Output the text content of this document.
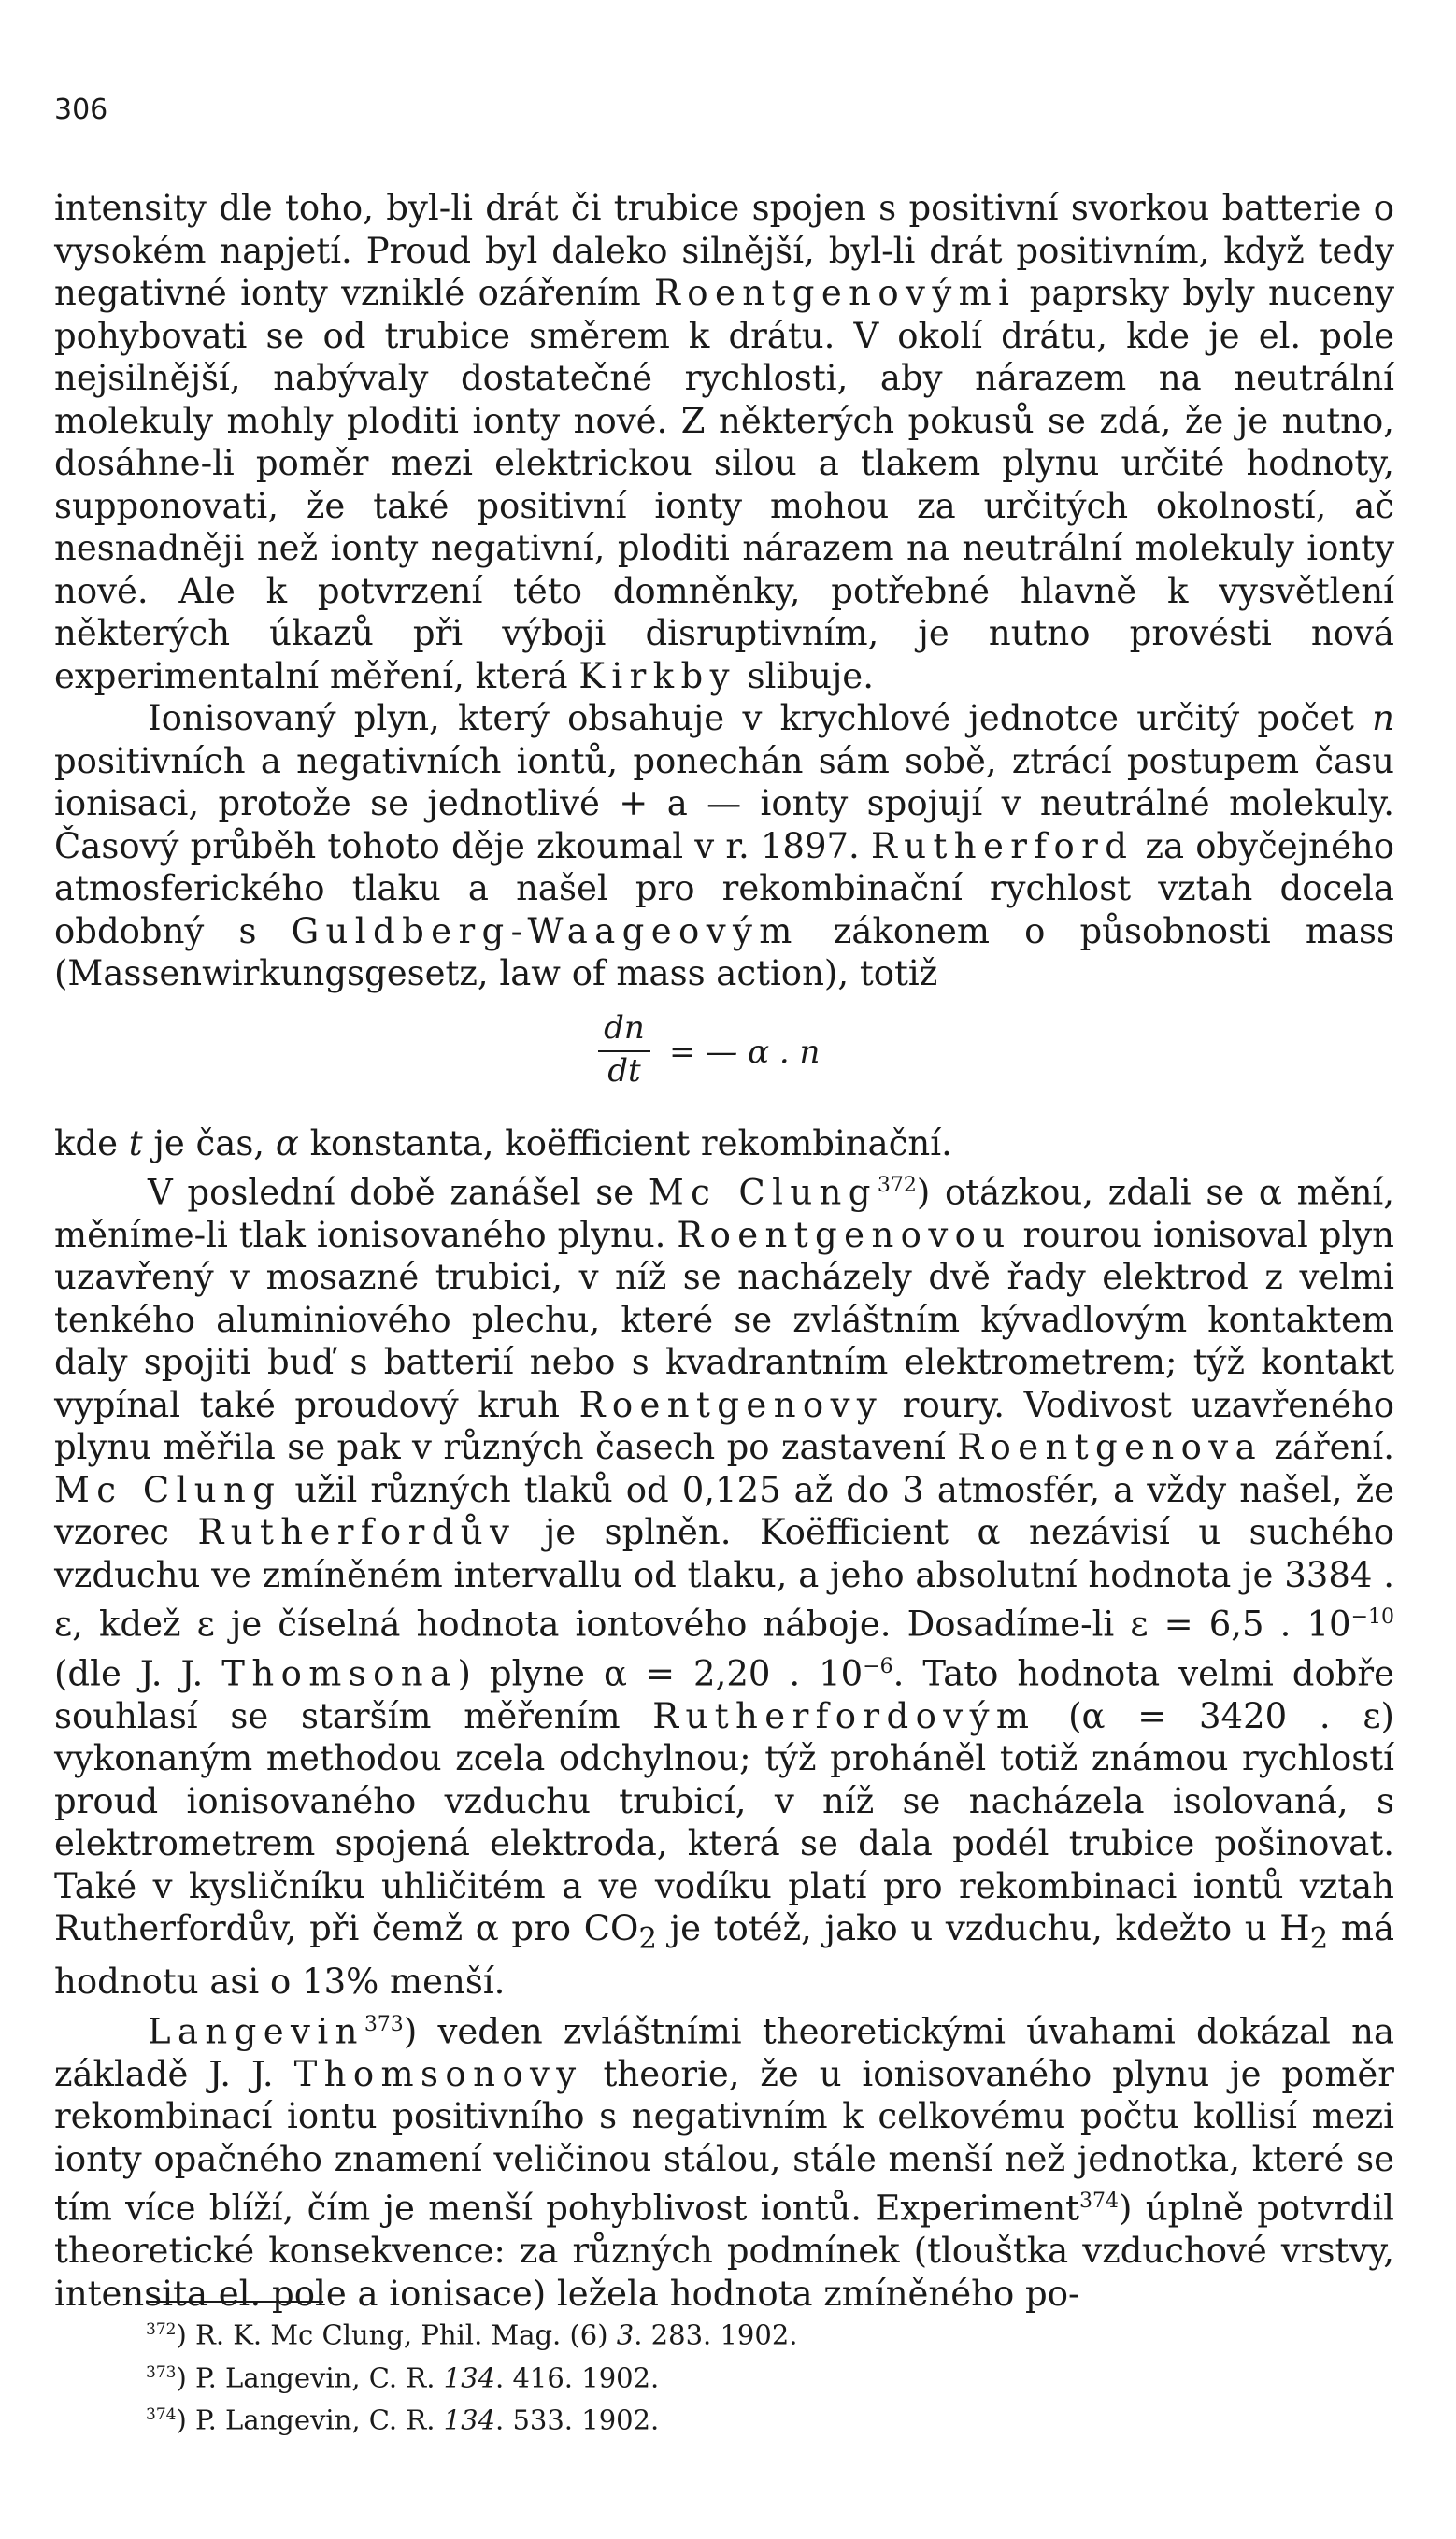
306

intensity dle toho, byl-li drát či trubice spojen s positivní svorkou batterie o vysokém napjetí. Proud byl daleko silnější, byl-li drát positivním, když tedy negativné ionty vzniklé ozářením Roentgenovými paprsky byly nuceny pohybovati se od trubice směrem k drátu. V okolí drátu, kde je el. pole nejsilnější, nabývaly dostatečné rychlosti, aby nárazem na neutrální molekuly mohly ploditi ionty nové. Z některých pokusů se zdá, že je nutno, dosáhne-li poměr mezi elektrickou silou a tlakem plynu určité hodnoty, supponovati, že také positivní ionty mohou za určitých okolností, ač nesnadněji než ionty negativní, ploditi nárazem na neutrální molekuly ionty nové. Ale k potvrzení této domněnky, potřebné hlavně k vysvětlení některých úkazů při výboji disruptivním, je nutno provésti nová experimentalní měření, která Kirkby slibuje.

Ionisovaný plyn, který obsahuje v krychlové jednotce určitý počet n positivních a negativních iontů, ponechán sám sobě, ztrácí postupem času ionisaci, protože se jednotlivé + a — ionty spojují v neutrálné molekuly. Časový průběh tohoto děje zkoumal v r. 1897. Rutherford za obyčejného atmosferického tlaku a našel pro rekombinační rychlost vztah docela obdobný s Guldberg-Waageovým zákonem o působnosti mass (Massenwirkungsgesetz, law of mass action), totiž

kde t je čas, α konstanta, koëfficient rekombinační.

V poslední době zanášel se Mc Clung$^{372}$) otázkou, zdali se α mění, měníme-li tlak ionisovaného plynu. Roentgenovou rourou ionisoval plyn uzavřený v mosazné trubici, v níž se nacházely dvě řady elektrod z velmi tenkého aluminiového plechu, které se zvláštním kývadlovým kontaktem daly spojiti buď s batterií nebo s kvadrantním elektrometrem; týž kontakt vypínal také proudový kruh Roentgenovy roury. Vodivost uzavřeného plynu měřila se pak v různých časech po zastavení Roentgenova záření. Mc Clung užil různých tlaků od 0,125 až do 3 atmosfér, a vždy našel, že vzorec Rutherfordův je splněn. Koëfficient α nezávisí u suchého vzduchu ve zmíněném intervallu od tlaku, a jeho absolutní hodnota je 3384 . ε, kdež ε je číselná hodnota iontového náboje. Dosadíme-li ε = 6,5 . $10^{-10}$ (dle J. J. Thomsona) plyne α = 2,20 . $10^{-6}$. Tato hodnota velmi dobře souhlasí se starším měřením Rutherfordovým (α = 3420 . ε) vykonaným methodou zcela odchylnou; týž proháněl totiž známou rychlostí proud ionisovaného vzduchu trubicí, v níž se nacházela isolovaná, s elektrometrem spojená elektroda, která se dala podél trubice pošinovat. Také v kysličníku uhličitém a ve vodíku platí pro rekombinaci iontů vztah Rutherfordův, při čemž α pro $CO_2$ je totéž, jako u vzduchu, kdežto u $H_2$ má hodnotu asi o 13% menší.

Langevin$^{373}$) veden zvláštními theoretickými úvahami dokázal na základě J. J. Thomsonovy theorie, že u ionisovaného plynu je poměr rekombinací iontu positivního s negativním k celkovému počtu kollisí mezi ionty opačného znamení veličinou stálou, stále menší než jednotka, které se tím více blíží, čím je menší pohyblivost iontů. Experiment$^{374}$) úplně potvrdil theoretické konsekvence: za různých podmínek (tlouštka vzduchové vrstvy, intensita el. pole a ionisace) ležela hodnota zmíněného po-

dn
dt = — α . n
$^{372}$) R. K. Mc Clung, Phil. Mag. (6) 3. 283. 1902.
$^{373}$) P. Langevin, C. R. 134. 416. 1902.
$^{374}$) P. Langevin, C. R. 134. 533. 1902.
